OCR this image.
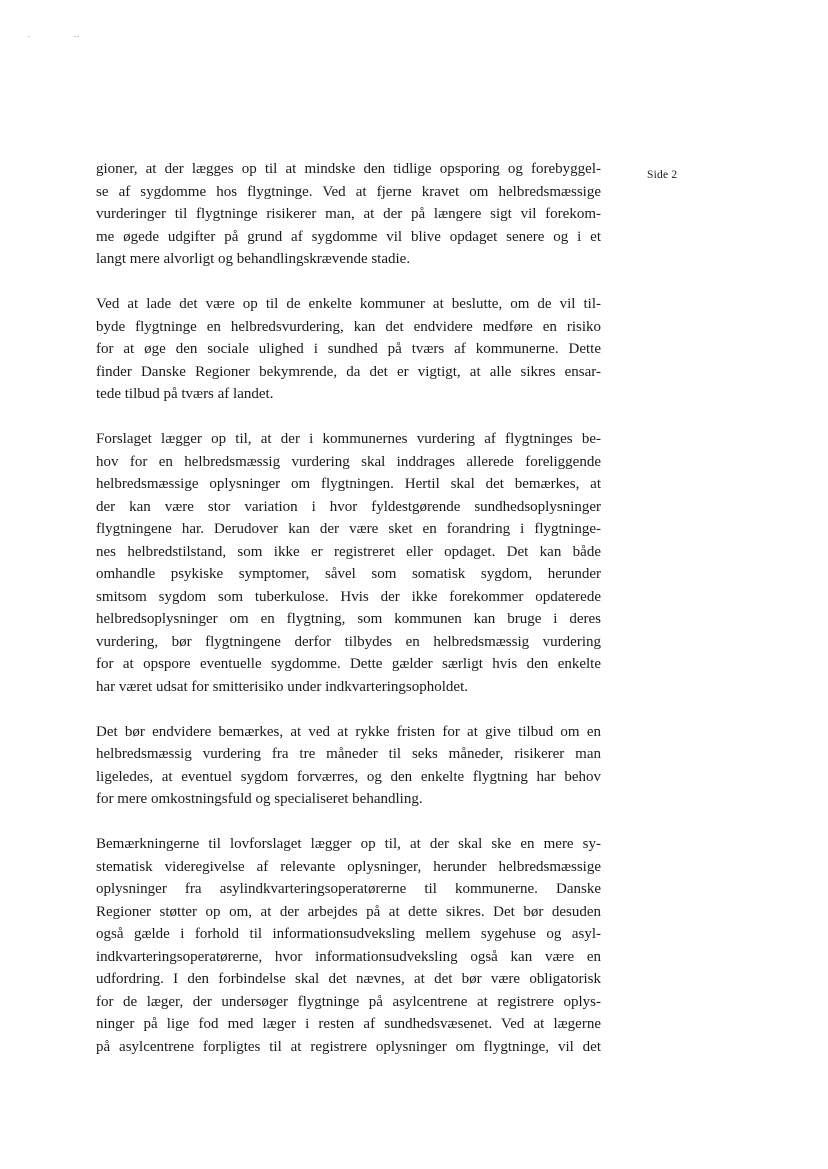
Side 2
gioner, at der lægges op til at mindske den tidlige opsporing og forebyggel-
se af sygdomme hos flygtninge. Ved at fjerne kravet om helbredsmæssige
vurderinger til flygtninge risikerer man, at der på længere sigt vil forekom-
me øgede udgifter på grund af sygdomme vil blive opdaget senere og i et
langt mere alvorligt og behandlingskrævende stadie.
Ved at lade det være op til de enkelte kommuner at beslutte, om de vil til-
byde flygtninge en helbredsvurdering, kan det endvidere medføre en risiko
for at øge den sociale ulighed i sundhed på tværs af kommunerne. Dette
finder Danske Regioner bekymrende, da det er vigtigt, at alle sikres ensar-
tede tilbud på tværs af landet.
Forslaget lægger op til, at der i kommunernes vurdering af flygtninges be-
hov for en helbredsmæssig vurdering skal inddrages allerede foreliggende
helbredsmæssige oplysninger om flygtningen. Hertil skal det bemærkes, at
der kan være stor variation i hvor fyldestgørende sundhedsoplysninger
flygtningene har. Derudover kan der være sket en forandring i flygtninge-
nes helbredstilstand, som ikke er registreret eller opdaget. Det kan både
omhandle psykiske symptomer, såvel som somatisk sygdom, herunder
smitsom sygdom som tuberkulose. Hvis der ikke forekommer opdaterede
helbredsoplysninger om en flygtning, som kommunen kan bruge i deres
vurdering, bør flygtningene derfor tilbydes en helbredsmæssig vurdering
for at opspore eventuelle sygdomme. Dette gælder særligt hvis den enkelte
har været udsat for smitterisiko under indkvarteringsopholdet.
Det bør endvidere bemærkes, at ved at rykke fristen for at give tilbud om en
helbredsmæssig vurdering fra tre måneder til seks måneder, risikerer man
ligeledes, at eventuel sygdom forværres, og den enkelte flygtning har behov
for mere omkostningsfuld og specialiseret behandling.
Bemærkningerne til lovforslaget lægger op til, at der skal ske en mere sy-
stematisk videregivelse af relevante oplysninger, herunder helbredsmæssige
oplysninger fra asylindkvarteringsoperatørerne til kommunerne. Danske
Regioner støtter op om, at der arbejdes på at dette sikres. Det bør desuden
også gælde i forhold til informationsudveksling mellem sygehuse og asyl-
indkvarteringsoperatørerne, hvor informationsudveksling også kan være en
udfordring. I den forbindelse skal det nævnes, at det bør være obligatorisk
for de læger, der undersøger flygtninge på asylcentrene at registrere oplys-
ninger på lige fod med læger i resten af sundhedsvæsenet. Ved at lægerne
på asylcentrene forpligtes til at registrere oplysninger om flygtninge, vil det
